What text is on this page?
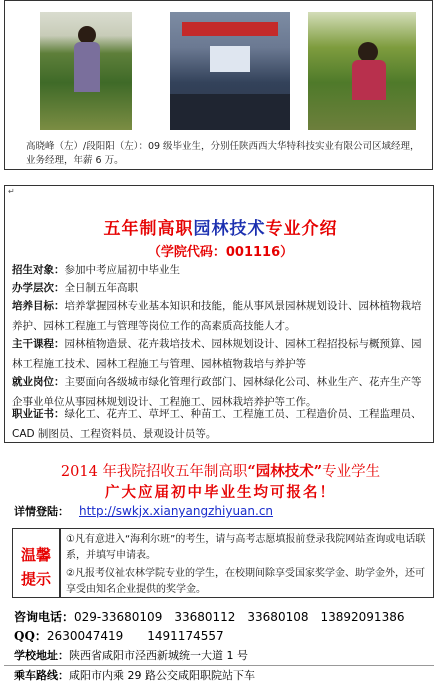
高晓峰（左）/段阳阳（左）：09 级毕业生，分别任陕西西大华特科技实业有限公司区域经理，业务经理，年薪 6 万。
↵
五年制高职园林技术专业介绍
（学院代码：001116）
招生对象：参加中考应届初中毕业生
办学层次：全日制五年高职
培养目标：培养掌握园林专业基本知识和技能，能从事风景园林规划设计、园林植物栽培养护、园林工程施工与管理等岗位工作的高素质高技能人才。
主干课程：园林植物造景、花卉栽培技术、园林规划设计、园林工程招投标与概预算、园林工程施工技术、园林工程施工与管理、园林植物栽培与养护等
就业岗位：主要面向各级城市绿化管理行政部门、园林绿化公司、林业生产、花卉生产等企事业单位从事园林规划设计、工程施工、园林栽培养护等工作。
职业证书：绿化工、花卉工、草坪工、种苗工、工程施工员、工程造价员、工程监理员、CAD 制图员、工程资料员、景观设计员等。
2014 年我院招收五年制高职“园林技术”专业学生
广大应届初中毕业生均可报名！
详情登陆： http://swkjx.xianyangzhiyuan.cn
温馨
提示
①凡有意进入“海利尔班”的考生，请与高考志愿填报前登录我院网站查询或电话联系，并填写申请表。
②凡报考仪祉农林学院专业的学生，在校期间除享受国家奖学金、助学金外，还可享受由知名企业提供的奖学金。
咨询电话：029-33680109　33680112　33680108　13892091386
QQ：2630047419　　1491174557
学校地址：陕西省咸阳市泾西新城统一大道 1 号
乘车路线：咸阳市内乘 29 路公交咸阳职院站下车
